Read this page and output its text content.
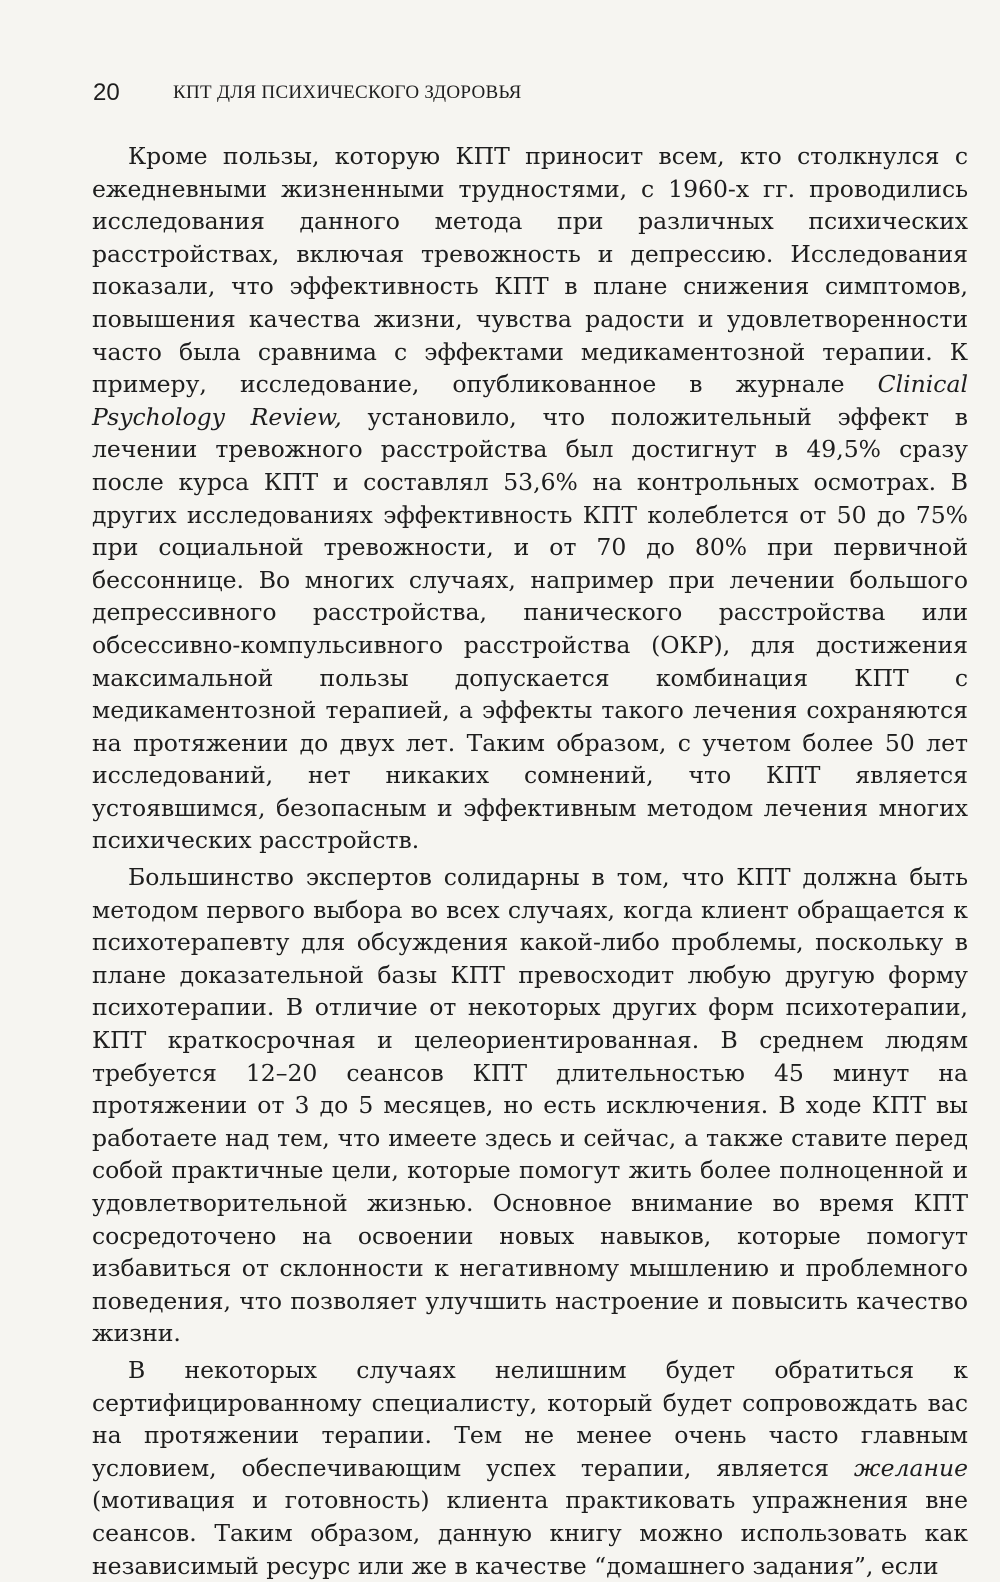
20	КПТ ДЛЯ ПСИХИЧЕСКОГО ЗДОРОВЬЯ

Кроме пользы, которую КПТ приносит всем, кто столкнулся с ежедневными жизненными трудностями, с 1960-х гг. проводились исследования данного метода при различных психических расстройствах, включая тревожность и депрессию. Исследования показали, что эффективность КПТ в плане снижения симптомов, повышения качества жизни, чувства радости и удовлетворенности часто была сравнима с эффектами медикаментозной терапии. К примеру, исследование, опубликованное в журнале Clinical Psychology Review, установило, что положительный эффект в лечении тревожного расстройства был достигнут в 49,5% сразу после курса КПТ и составлял 53,6% на контрольных осмотрах. В других исследованиях эффективность КПТ колеблется от 50 до 75% при социальной тревожности, и от 70 до 80% при первичной бессоннице. Во многих случаях, например при лечении большого депрессивного расстройства, панического расстройства или обсессивно-компульсивного расстройства (ОКР), для достижения максимальной пользы допускается комбинация КПТ с медикаментозной терапией, а эффекты такого лечения сохраняются на протяжении до двух лет. Таким образом, с учетом более 50 лет исследований, нет никаких сомнений, что КПТ является устоявшимся, безопасным и эффективным методом лечения многих психических расстройств.

Большинство экспертов солидарны в том, что КПТ должна быть методом первого выбора во всех случаях, когда клиент обращается к психотерапевту для обсуждения какой-либо проблемы, поскольку в плане доказательной базы КПТ превосходит любую другую форму психотерапии. В отличие от некоторых других форм психотерапии, КПТ краткосрочная и целеориентированная. В среднем людям требуется 12–20 сеансов КПТ длительностью 45 минут на протяжении от 3 до 5 месяцев, но есть исключения. В ходе КПТ вы работаете над тем, что имеете здесь и сейчас, а также ставите перед собой практичные цели, которые помогут жить более полноценной и удовлетворительной жизнью. Основное внимание во время КПТ сосредоточено на освоении новых навыков, которые помогут избавиться от склонности к негативному мышлению и проблемного поведения, что позволяет улучшить настроение и повысить качество жизни.

В некоторых случаях нелишним будет обратиться к сертифицированному специалисту, который будет сопровождать вас на протяжении терапии. Тем не менее очень часто главным условием, обеспечивающим успех терапии, является желание (мотивация и готовность) клиента практиковать упражнения вне сеансов. Таким образом, данную книгу можно использовать как независимый ресурс или же в качестве “домашнего задания”, если
